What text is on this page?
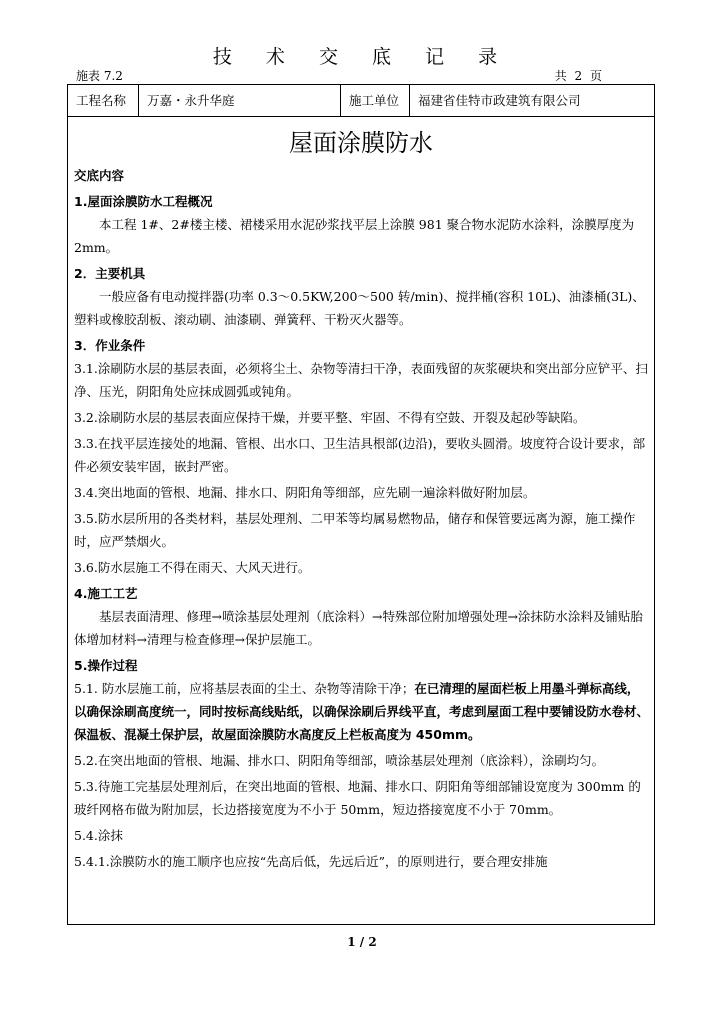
技 术 交 底 记 录
施表 7.2	共 2 页
工程名称	万嘉・永升华庭	施工单位	福建省佳特市政建筑有限公司
屋面涂膜防水

交底内容

1.屋面涂膜防水工程概况

本工程 1#、2#楼主楼、裙楼采用水泥砂浆找平层上涂膜 981 聚合物水泥防水涂料，涂膜厚度为 2mm。

2．主要机具

一般应备有电动搅拌器(功率 0.3～0.5KW,200～500 转/min)、搅拌桶(容积 10L)、油漆桶(3L)、塑料或橡胶刮板、滚动刷、油漆刷、弹簧秤、干粉灭火器等。

3．作业条件

3.1.涂刷防水层的基层表面，必须将尘土、杂物等清扫干净，表面残留的灰浆硬块和突出部分应铲平、扫净、压光，阴阳角处应抹成圆弧或钝角。

3.2.涂刷防水层的基层表面应保持干燥，并要平整、牢固、不得有空鼓、开裂及起砂等缺陷。

3.3.在找平层连接处的地漏、管根、出水口、卫生洁具根部(边沿)，要收头圆滑。坡度符合设计要求，部件必须安装牢固，嵌封严密。

3.4.突出地面的管根、地漏、排水口、阴阳角等细部，应先刷一遍涂料做好附加层。

3.5.防水层所用的各类材料，基层处理剂、二甲苯等均属易燃物品，储存和保管要远离为源，施工操作时，应严禁烟火。

3.6.防水层施工不得在雨天、大风天进行。

4.施工工艺

基层表面清理、修理→喷涂基层处理剂（底涂料）→特殊部位附加增强处理→涂抹防水涂料及铺贴胎体增加材料→清理与检查修理→保护层施工。

5.操作过程

5.1. 防水层施工前，应将基层表面的尘土、杂物等清除干净；在已清理的屋面栏板上用墨斗弹标高线，以确保涂刷高度统一，同时按标高线贴纸，以确保涂刷后界线平直，考虑到屋面工程中要铺设防水卷材、保温板、混凝土保护层，故屋面涂膜防水高度反上栏板高度为 450mm。

5.2.在突出地面的管根、地漏、排水口、阴阳角等细部，喷涂基层处理剂（底涂料），涂刷均匀。

5.3.待施工完基层处理剂后，在突出地面的管根、地漏、排水口、阴阳角等细部铺设宽度为 300mm 的玻纤网格布做为附加层，长边搭接宽度为不小于 50mm，短边搭接宽度不小于 70mm。

5.4.涂抹

5.4.1.涂膜防水的施工顺序也应按“先高后低，先远后近”，的原则进行，要合理安排施

1 / 2
